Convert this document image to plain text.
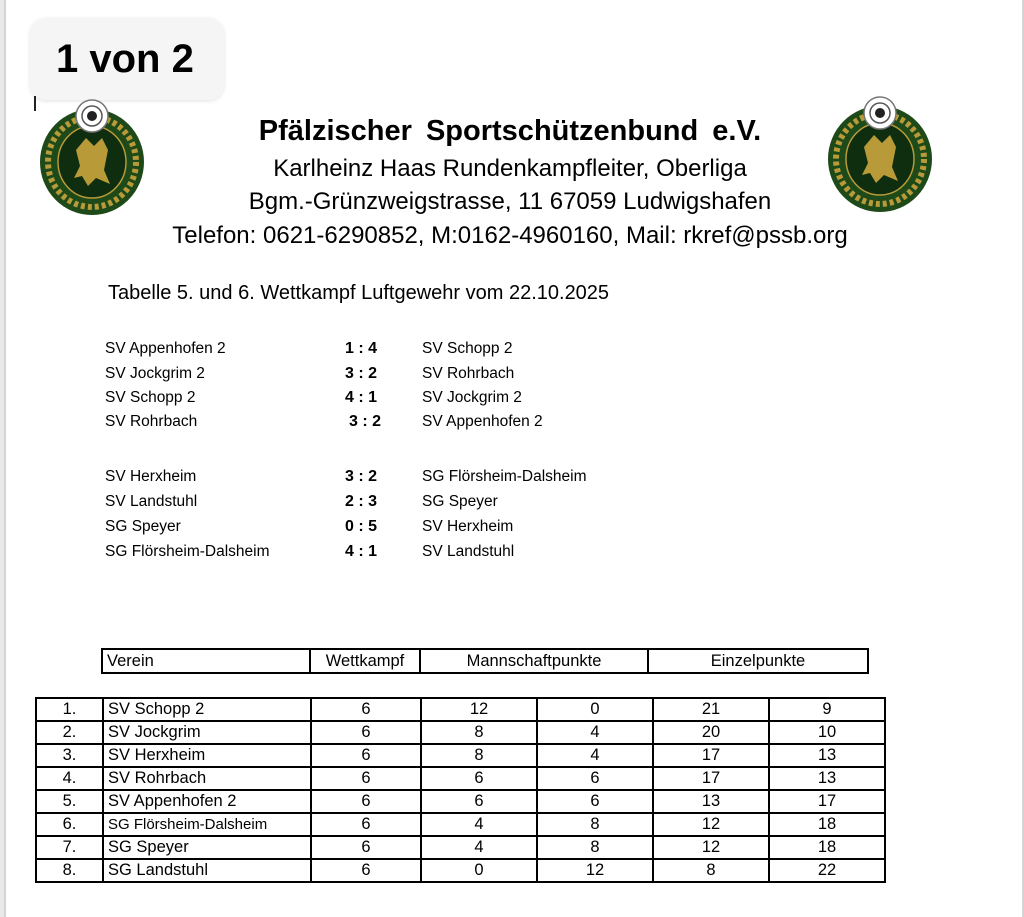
1 von 2
Pfälzischer Sportschützenbund e.V.
Karlheinz Haas Rundenkampfleiter, Oberliga
Bgm.-Grünzweigstrasse, 11 67059 Ludwigshafen
Telefon: 0621-6290852, M:0162-4960160, Mail: rkref@pssb.org
Tabelle 5. und 6. Wettkampf Luftgewehr vom 22.10.2025
SV Appenhofen 2	1 : 4	SV Schopp 2
SV Jockgrim 2	3 : 2	SV Rohrbach
SV Schopp 2	4 : 1	SV Jockgrim 2
SV Rohrbach	3 : 2	SV Appenhofen 2
SV Herxheim	3 : 2	SG Flörsheim-Dalsheim
SV Landstuhl	2 : 3	SG Speyer
SG Speyer	0 : 5	SV Herxheim
SG Flörsheim-Dalsheim	4 : 1	SV Landstuhl
Verein	Wettkampf	Mannschaftpunkte	Einzelpunkte
1.	SV Schopp 2	6	12	0	21	9
2.	SV Jockgrim	6	8	4	20	10
3.	SV Herxheim	6	8	4	17	13
4.	SV Rohrbach	6	6	6	17	13
5.	SV Appenhofen 2	6	6	6	13	17
6.	SG Flörsheim-Dalsheim	6	4	8	12	18
7.	SG Speyer	6	4	8	12	18
8.	SG Landstuhl	6	0	12	8	22
